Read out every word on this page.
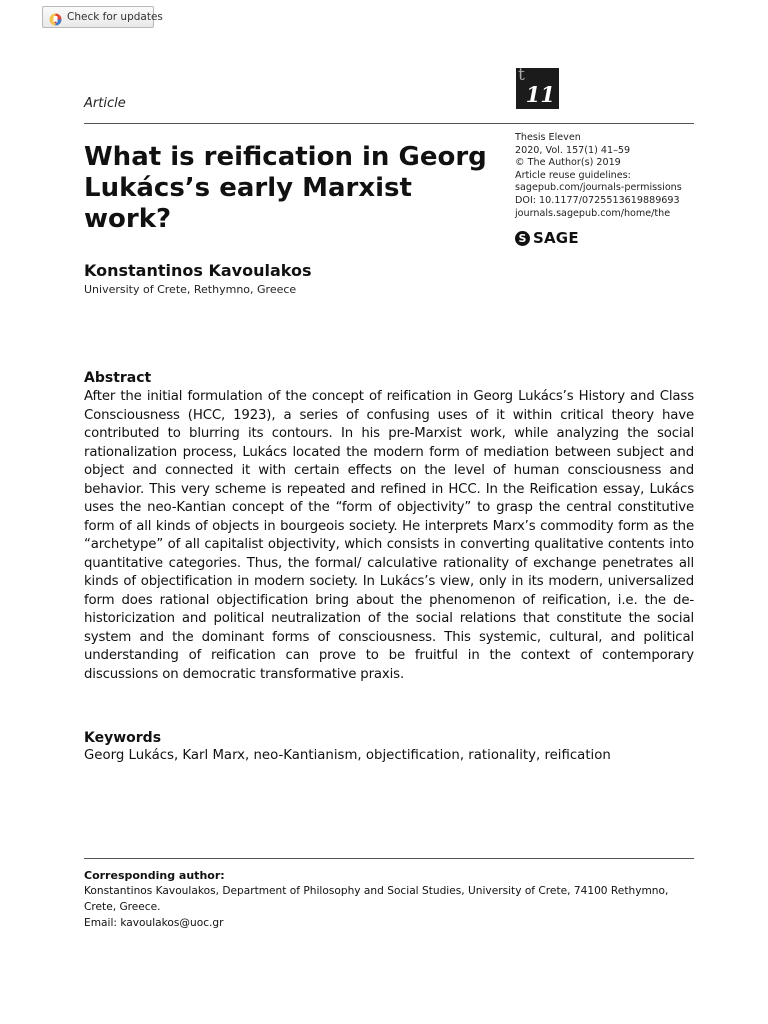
Check for updates
t
11
Article
What is reification in Georg Lukács’s early Marxist work?
Thesis Eleven
2020, Vol. 157(1) 41–59
© The Author(s) 2019
Article reuse guidelines:
sagepub.com/journals-permissions
DOI: 10.1177/0725513619889693
journals.sagepub.com/home/the
S SAGE
Konstantinos Kavoulakos
University of Crete, Rethymno, Greece
Abstract

After the initial formulation of the concept of reification in Georg Lukács’s History and Class Consciousness (HCC, 1923), a series of confusing uses of it within critical theory have contributed to blurring its contours. In his pre-Marxist work, while analyzing the social rationalization process, Lukács located the modern form of mediation between subject and object and connected it with certain effects on the level of human consciousness and behavior. This very scheme is repeated and refined in HCC. In the Reification essay, Lukács uses the neo-Kantian concept of the “form of objectivity” to grasp the central constitutive form of all kinds of objects in bourgeois society. He interprets Marx’s commodity form as the “archetype” of all capitalist objectivity, which consists in converting qualitative contents into quantitative categories. Thus, the formal/ calculative rationality of exchange penetrates all kinds of objectification in modern society. In Lukács’s view, only in its modern, universalized form does rational objectification bring about the phenomenon of reification, i.e. the de-historicization and political neutralization of the social relations that constitute the social system and the dominant forms of consciousness. This systemic, cultural, and political understanding of reification can prove to be fruitful in the context of contemporary discussions on democratic transformative praxis.

Keywords
Georg Lukács, Karl Marx, neo-Kantianism, objectification, rationality, reification
Corresponding author:
Konstantinos Kavoulakos, Department of Philosophy and Social Studies, University of Crete, 74100 Rethymno, Crete, Greece.
Email: kavoulakos@uoc.gr
